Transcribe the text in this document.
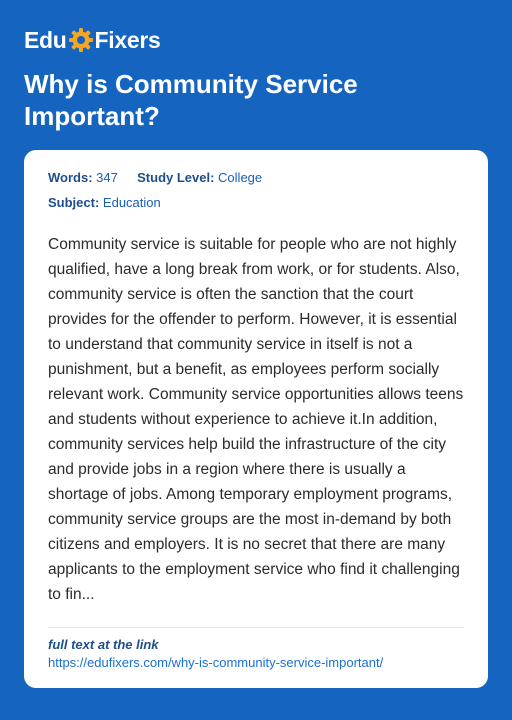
Edu Fixers
Why is Community Service Important?
Words: 347 Study Level: College
Subject: Education
Community service is suitable for people who are not highly qualified, have a long break from work, or for students. Also, community service is often the sanction that the court provides for the offender to perform. However, it is essential to understand that community service in itself is not a punishment, but a benefit, as employees perform socially relevant work. Community service opportunities allows teens and students without experience to achieve it.In addition, community services help build the infrastructure of the city and provide jobs in a region where there is usually a shortage of jobs. Among temporary employment programs, community service groups are the most in-demand by both citizens and employers. It is no secret that there are many applicants to the employment service who find it challenging to fin...
full text at the link
https://edufixers.com/why-is-community-service-important/
